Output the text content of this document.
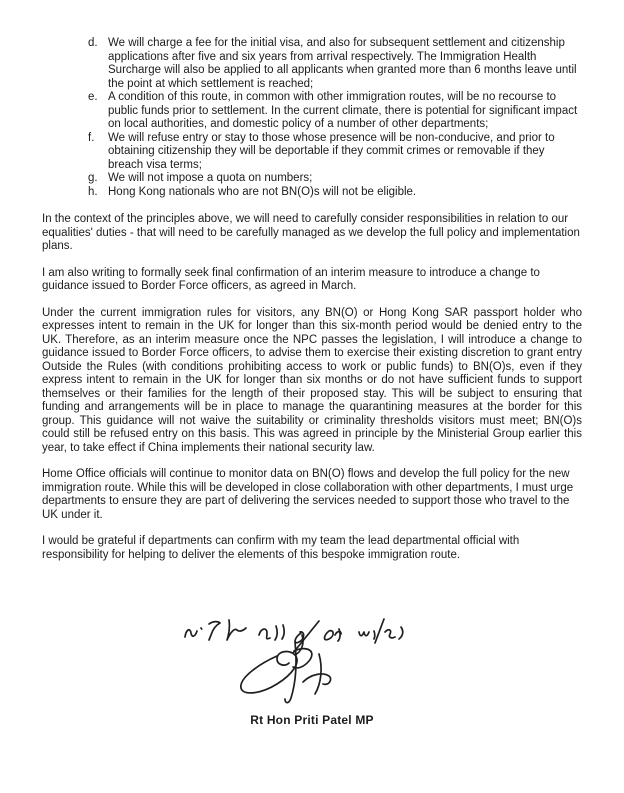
d. We will charge a fee for the initial visa, and also for subsequent settlement and citizenship applications after five and six years from arrival respectively. The Immigration Health Surcharge will also be applied to all applicants when granted more than 6 months leave until the point at which settlement is reached;
e. A condition of this route, in common with other immigration routes, will be no recourse to public funds prior to settlement. In the current climate, there is potential for significant impact on local authorities, and domestic policy of a number of other departments;
f.	We will refuse entry or stay to those whose presence will be non-conducive, and prior to obtaining citizenship they will be deportable if they commit crimes or removable if they breach visa terms;
g. We will not impose a quota on numbers;
h. Hong Kong nationals who are not BN(O)s will not be eligible.

In the context of the principles above, we will need to carefully consider responsibilities in relation to our equalities' duties - that will need to be carefully managed as we develop the full policy and implementation plans.

I am also writing to formally seek final confirmation of an interim measure to introduce a change to guidance issued to Border Force officers, as agreed in March.

Under the current immigration rules for visitors, any BN(O) or Hong Kong SAR passport holder who expresses intent to remain in the UK for longer than this six-month period would be denied entry to the UK. Therefore, as an interim measure once the NPC passes the legislation, I will introduce a change to guidance issued to Border Force officers, to advise them to exercise their existing discretion to grant entry Outside the Rules (with conditions prohibiting access to work or public funds) to BN(O)s, even if they express intent to remain in the UK for longer than six months or do not have sufficient funds to support themselves or their families for the length of their proposed stay. This will be subject to ensuring that funding and arrangements will be in place to manage the quarantining measures at the border for this group. This guidance will not waive the suitability or criminality thresholds visitors must meet; BN(O)s could still be refused entry on this basis. This was agreed in principle by the Ministerial Group earlier this year, to take effect if China implements their national security law.

Home Office officials will continue to monitor data on BN(O) flows and develop the full policy for the new immigration route. While this will be developed in close collaboration with other departments, I must urge departments to ensure they are part of delivering the services needed to support those who travel to the UK under it.

I would be grateful if departments can confirm with my team the lead departmental official with responsibility for helping to deliver the elements of this bespoke immigration route.

Rt Hon Priti Patel MP
